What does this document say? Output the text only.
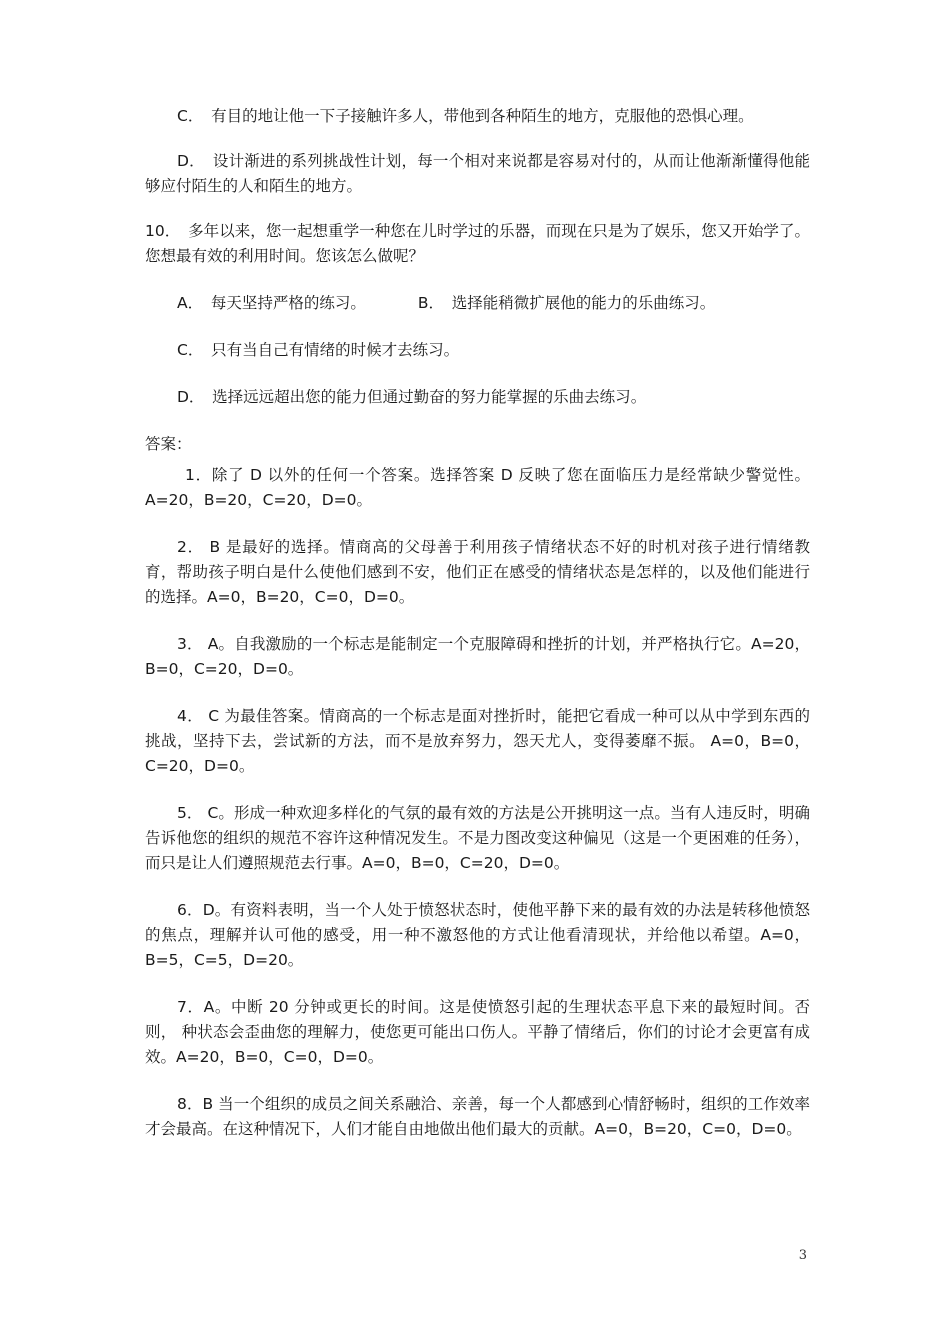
C．　有目的地让他一下子接触许多人，带他到各种陌生的地方，克服他的恐惧心理。

D．　设计渐进的系列挑战性计划，每一个相对来说都是容易对付的，从而让他渐渐懂得他能够应付陌生的人和陌生的地方。

10．　多年以来，您一起想重学一种您在儿时学过的乐器，而现在只是为了娱乐，您又开始学了。您想最有效的利用时间。您该怎么做呢？

A．　每天坚持严格的练习。	B．　选择能稍微扩展他的能力的乐曲练习。

C．　只有当自己有情绪的时候才去练习。

D．　选择远远超出您的能力但通过勤奋的努力能掌握的乐曲去练习。

答案：

1．除了 D 以外的任何一个答案。选择答案 D 反映了您在面临压力是经常缺少警觉性。A=20，B=20，C=20，D=0。

2． B 是最好的选择。情商高的父母善于利用孩子情绪状态不好的时机对孩子进行情绪教育，帮助孩子明白是什么使他们感到不安，他们正在感受的情绪状态是怎样的，以及他们能进行的选择。A=0，B=20，C=0，D=0。

3． A。自我激励的一个标志是能制定一个克服障碍和挫折的计划，并严格执行它。A=20，B=0，C=20，D=0。

4． C 为最佳答案。情商高的一个标志是面对挫折时，能把它看成一种可以从中学到东西的挑战，坚持下去，尝试新的方法，而不是放弃努力，怨天尤人，变得萎靡不振。 A=0，B=0，C=20，D=0。

5． C。形成一种欢迎多样化的气氛的最有效的方法是公开挑明这一点。当有人违反时，明确告诉他您的组织的规范不容许这种情况发生。不是力图改变这种偏见（这是一个更困难的任务），而只是让人们遵照规范去行事。A=0，B=0，C=20，D=0。

6．D。有资料表明，当一个人处于愤怒状态时，使他平静下来的最有效的办法是转移他愤怒的焦点，理解并认可他的感受，用一种不激怒他的方式让他看清现状，并给他以希望。A=0，B=5，C=5，D=20。

7．A。中断 20 分钟或更长的时间。这是使愤怒引起的生理状态平息下来的最短时间。否则， 种状态会歪曲您的理解力，使您更可能出口伤人。平静了情绪后，你们的讨论才会更富有成效。A=20，B=0，C=0，D=0。

8．B 当一个组织的成员之间关系融洽、亲善，每一个人都感到心情舒畅时，组织的工作效率才会最高。在这种情况下，人们才能自由地做出他们最大的贡献。A=0，B=20，C=0，D=0。

3
